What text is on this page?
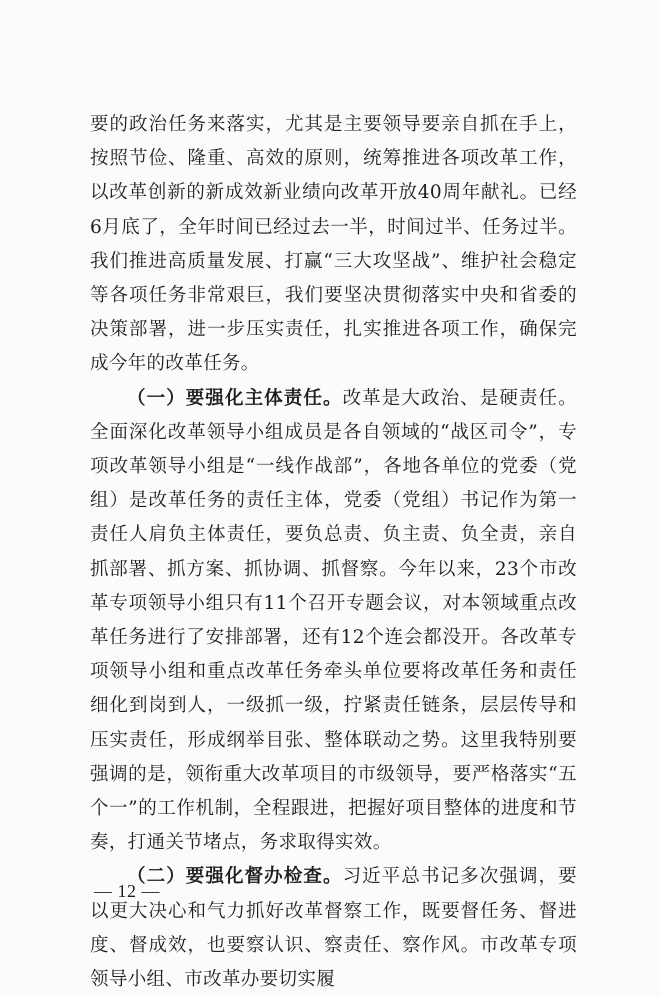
要的政治任务来落实，尤其是主要领导要亲自抓在手上，按照节俭、隆重、高效的原则，统筹推进各项改革工作，以改革创新的新成效新业绩向改革开放40周年献礼。已经6月底了，全年时间已经过去一半，时间过半、任务过半。我们推进高质量发展、打赢“三大攻坚战”、维护社会稳定等各项任务非常艰巨，我们要坚决贯彻落实中央和省委的决策部署，进一步压实责任，扎实推进各项工作，确保完成今年的改革任务。

（一）要强化主体责任。改革是大政治、是硬责任。全面深化改革领导小组成员是各自领域的“战区司令”，专项改革领导小组是“一线作战部”，各地各单位的党委（党组）是改革任务的责任主体，党委（党组）书记作为第一责任人肩负主体责任，要负总责、负主责、负全责，亲自抓部署、抓方案、抓协调、抓督察。今年以来，23个市改革专项领导小组只有11个召开专题会议，对本领域重点改革任务进行了安排部署，还有12个连会都没开。各改革专项领导小组和重点改革任务牵头单位要将改革任务和责任细化到岗到人，一级抓一级，拧紧责任链条，层层传导和压实责任，形成纲举目张、整体联动之势。这里我特别要强调的是，领衔重大改革项目的市级领导，要严格落实“五个一”的工作机制，全程跟进，把握好项目整体的进度和节奏，打通关节堵点，务求取得实效。

（二）要强化督办检查。习近平总书记多次强调，要以更大决心和气力抓好改革督察工作，既要督任务、督进度、督成效，也要察认识、察责任、察作风。市改革专项领导小组、市改革办要切实履

— 12 —
